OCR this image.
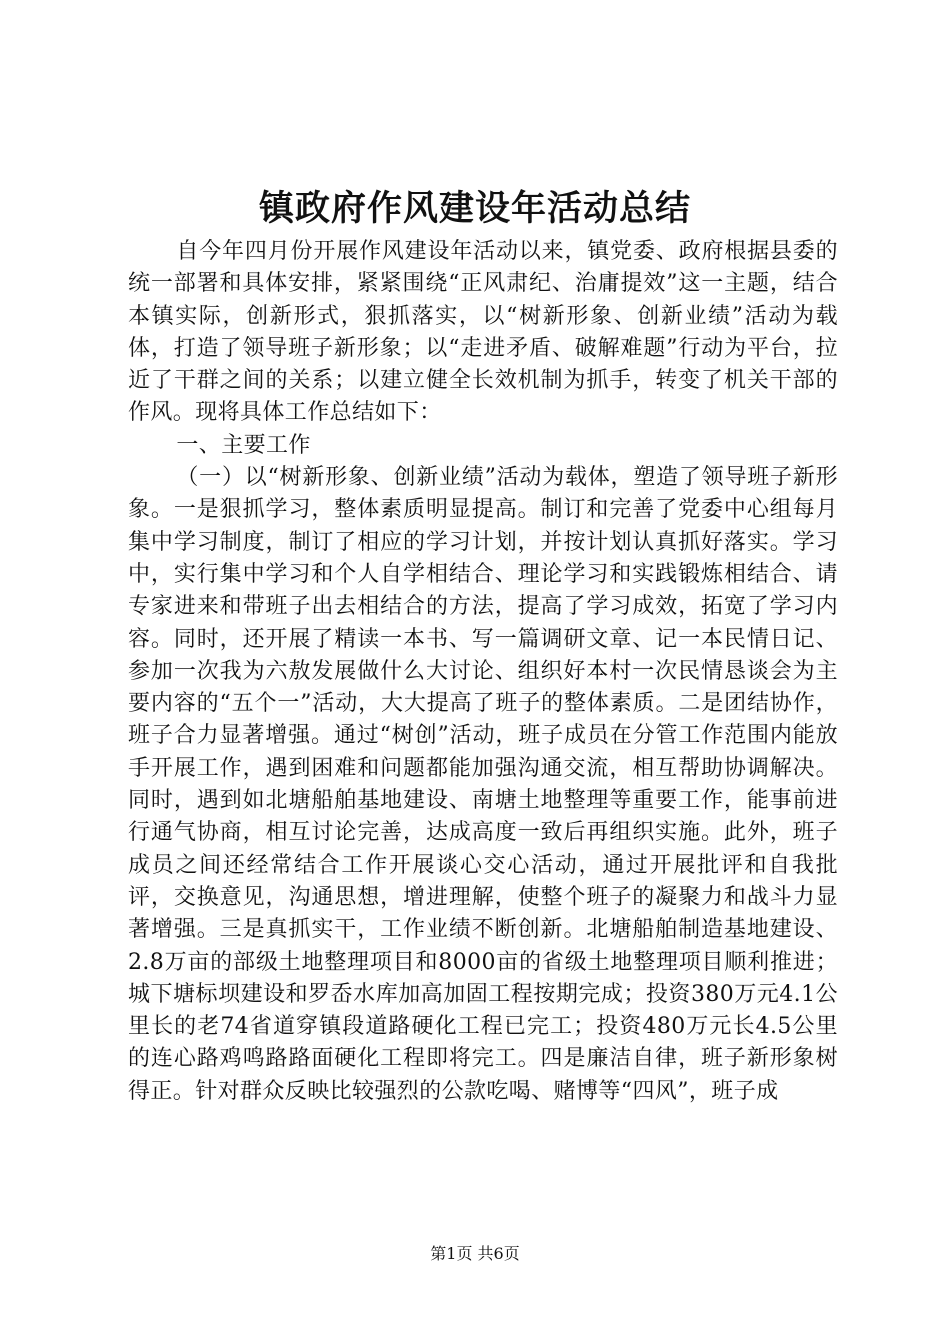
镇政府作风建设年活动总结

自今年四月份开展作风建设年活动以来，镇党委、政府根据县委的统一部署和具体安排，紧紧围绕“正风肃纪、治庸提效”这一主题，结合本镇实际，创新形式，狠抓落实，以“树新形象、创新业绩”活动为载体，打造了领导班子新形象；以“走进矛盾、破解难题”行动为平台，拉近了干群之间的关系；以建立健全长效机制为抓手，转变了机关干部的作风。现将具体工作总结如下：

一、主要工作

（一）以“树新形象、创新业绩”活动为载体，塑造了领导班子新形象。一是狠抓学习，整体素质明显提高。制订和完善了党委中心组每月集中学习制度，制订了相应的学习计划，并按计划认真抓好落实。学习中，实行集中学习和个人自学相结合、理论学习和实践锻炼相结合、请专家进来和带班子出去相结合的方法，提高了学习成效，拓宽了学习内容。同时，还开展了精读一本书、写一篇调研文章、记一本民情日记、参加一次我为六敖发展做什么大讨论、组织好本村一次民情恳谈会为主要内容的“五个一”活动，大大提高了班子的整体素质。二是团结协作，班子合力显著增强。通过“树创”活动，班子成员在分管工作范围内能放手开展工作，遇到困难和问题都能加强沟通交流，相互帮助协调解决。同时，遇到如北塘船舶基地建设、南塘土地整理等重要工作，能事前进行通气协商，相互讨论完善，达成高度一致后再组织实施。此外，班子成员之间还经常结合工作开展谈心交心活动，通过开展批评和自我批评，交换意见，沟通思想，增进理解，使整个班子的凝聚力和战斗力显著增强。三是真抓实干，工作业绩不断创新。北塘船舶制造基地建设、2.8万亩的部级土地整理项目和8000亩的省级土地整理项目顺利推进；城下塘标坝建设和罗岙水库加高加固工程按期完成；投资380万元4.1公里长的老74省道穿镇段道路硬化工程已完工；投资480万元长4.5公里的连心路鸡鸣路路面硬化工程即将完工。四是廉洁自律，班子新形象树得正。针对群众反映比较强烈的公款吃喝、赌博等“四风”，班子成

第1页 共6页
